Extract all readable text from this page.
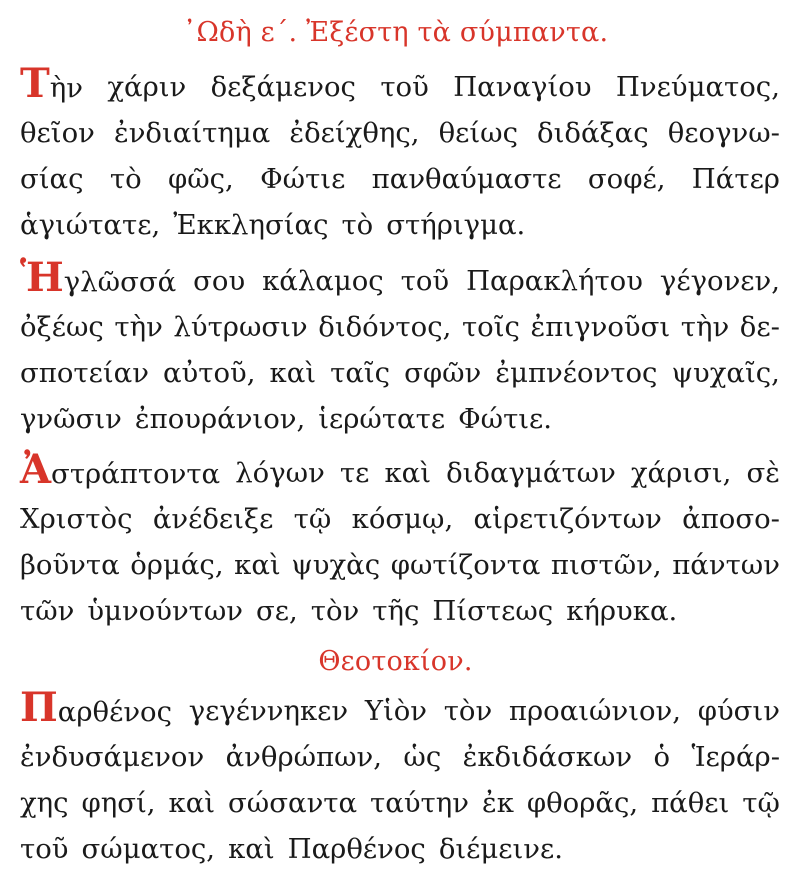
᾿Ωδὴ ε΄. Ἐξέστη τὰ σύμπαντα.
Τὴν χάριν δεξάμενος τοῦ Παναγίου Πνεύματος,
θεῖον ἐνδιαίτημα ἐδείχθης, θείως διδάξας θεογνω-
σίας τὸ φῶς, Φώτιε πανθαύμαστε σοφέ, Πάτερ
ἁγιώτατε, Ἐκκλησίας τὸ στήριγμα.
Ἡγλῶσσά σου κάλαμος τοῦ Παρακλήτου γέγονεν,
ὀξέως τὴν λύτρωσιν διδόντος, τοῖς ἐπιγνοῦσι τὴν δε-
σποτείαν αὐτοῦ, καὶ ταῖς σφῶν ἐμπνέοντος ψυχαῖς,
γνῶσιν ἐπουράνιον, ἱερώτατε Φώτιε.
Ἀστράπτοντα λόγων τε καὶ διδαγμάτων χάρισι, σὲ
Χριστὸς ἀνέδειξε τῷ κόσμῳ, αἱρετιζόντων ἀποσο-
βοῦντα ὁρμάς, καὶ ψυχὰς φωτίζοντα πιστῶν, πάντων
τῶν ὑμνούντων σε, τὸν τῆς Πίστεως κήρυκα.
Θεοτοκίον.
Παρθένος γεγέννηκεν Υἱὸν τὸν προαιώνιον, φύσιν
ἐνδυσάμενον ἀνθρώπων, ὡς ἐκδιδάσκων ὁ Ἱεράρ-
χης φησί, καὶ σώσαντα ταύτην ἐκ φθορᾶς, πάθει τῷ
τοῦ σώματος, καὶ Παρθένος διέμεινε.
